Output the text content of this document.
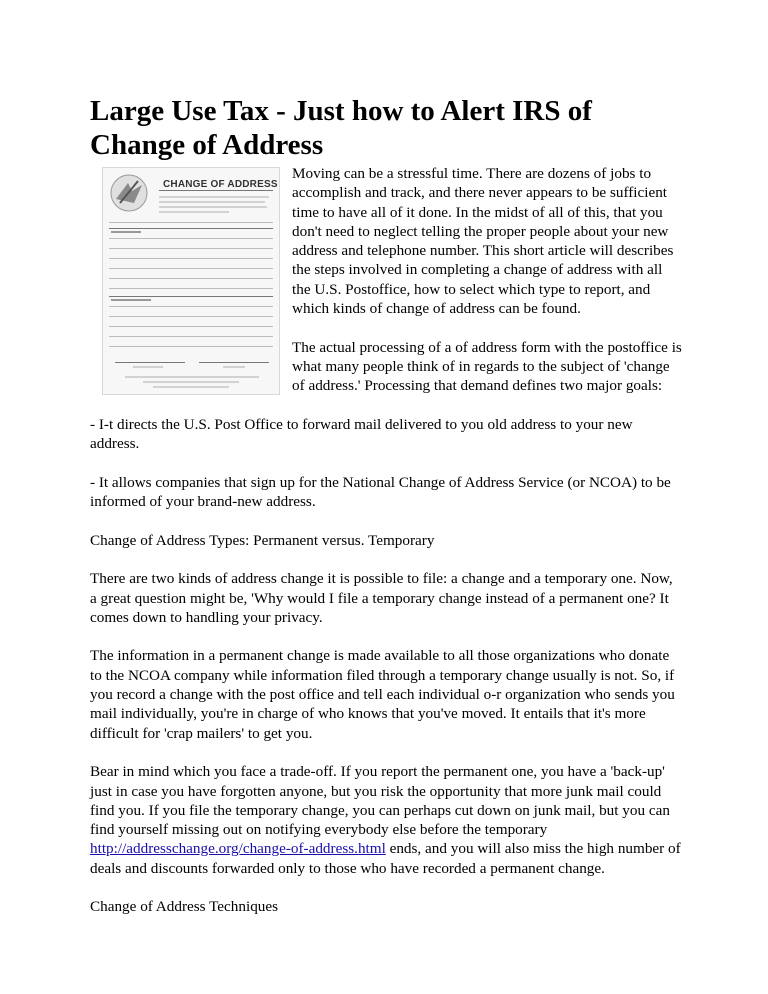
Large Use Tax - Just how to Alert IRS of Change of Address
CHANGE OF ADDRESS

Moving can be a stressful time. There are dozens of jobs to accomplish and track, and there never appears to be sufficient time to have all of it done. In the midst of all of this, that you don't need to neglect telling the proper people about your new address and telephone number. This short article will describes the steps involved in completing a change of address with all the U.S. Postoffice, how to select which type to report, and which kinds of change of address can be found.

The actual processing of a of address form with the postoffice is what many people think of in regards to the subject of 'change of address.' Processing that demand defines two major goals:

- I-t directs the U.S. Post Office to forward mail delivered to you old address to your new address.

- It allows companies that sign up for the National Change of Address Service (or NCOA) to be informed of your brand-new address.

Change of Address Types: Permanent versus. Temporary

There are two kinds of address change it is possible to file: a change and a temporary one. Now, a great question might be, 'Why would I file a temporary change instead of a permanent one? It comes down to handling your privacy.

The information in a permanent change is made available to all those organizations who donate to the NCOA company while information filed through a temporary change usually is not. So, if you record a change with the post office and tell each individual o-r organization who sends you mail individually, you're in charge of who knows that you've moved. It entails that it's more difficult for 'crap mailers' to get you.

Bear in mind which you face a trade-off. If you report the permanent one, you have a 'back-up' just in case you have forgotten anyone, but you risk the opportunity that more junk mail could find you. If you file the temporary change, you can perhaps cut down on junk mail, but you can find yourself missing out on notifying everybody else before the temporary http://addresschange.org/change-of-address.html ends, and you will also miss the high number of deals and discounts forwarded only to those who have recorded a permanent change.

Change of Address Techniques
